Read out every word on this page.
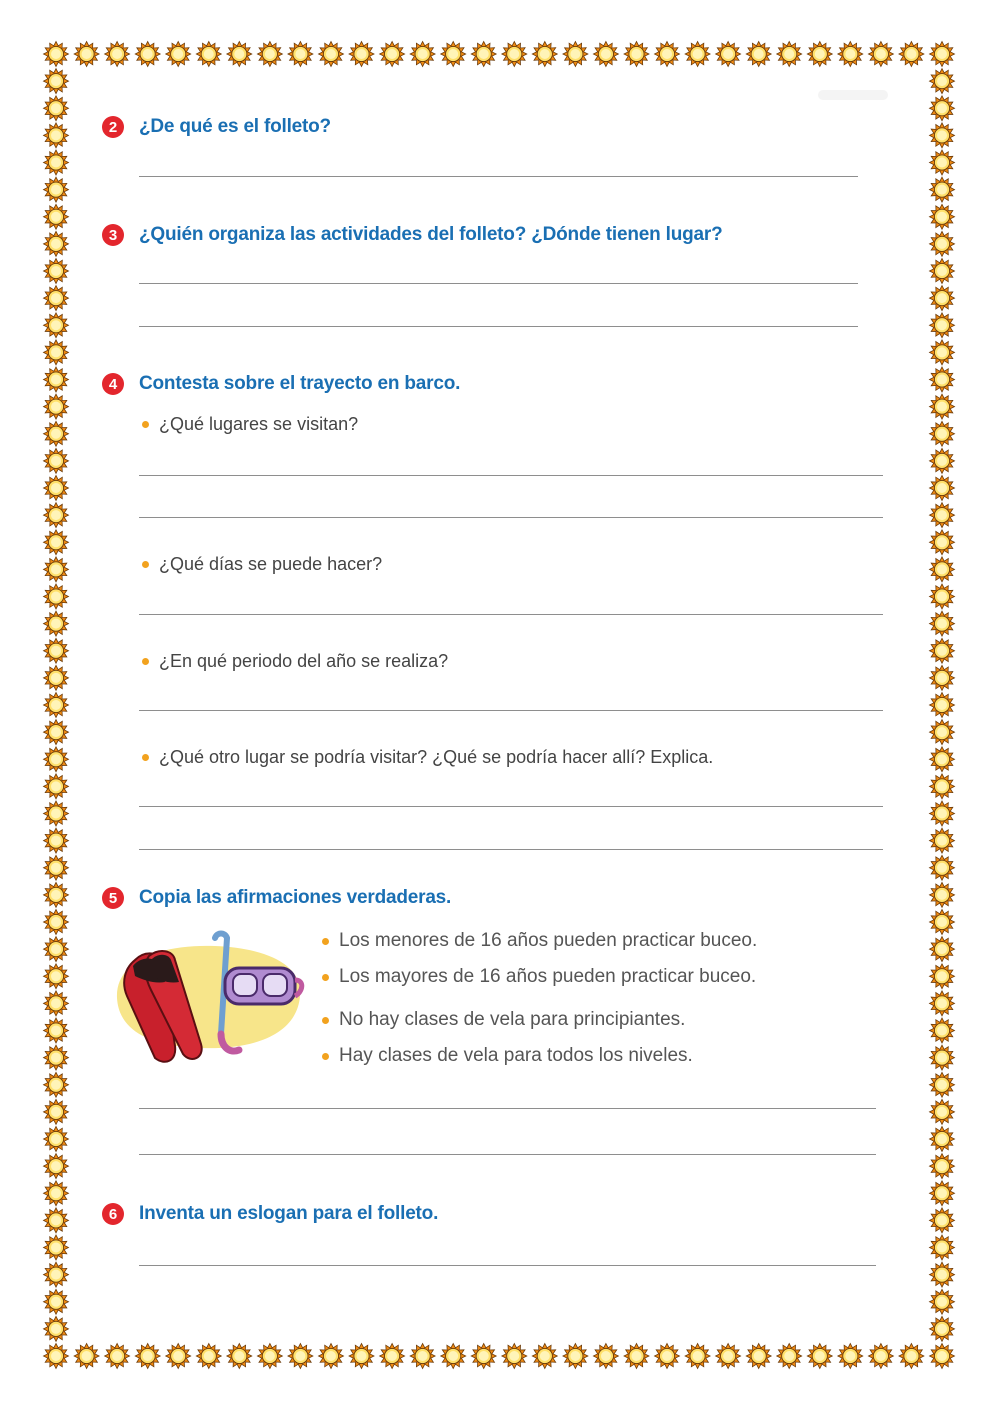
2	¿De qué es el folleto?
3	¿Quién organiza las actividades del folleto? ¿Dónde tienen lugar?
4	Contesta sobre el trayecto en barco.
¿Qué lugares se visitan?
¿Qué días se puede hacer?
¿En qué periodo del año se realiza?
¿Qué otro lugar se podría visitar? ¿Qué se podría hacer allí? Explica.
5	Copia las afirmaciones verdaderas.
Los menores de 16 años pueden practicar buceo.
Los mayores de 16 años pueden practicar buceo.
No hay clases de vela para principiantes.
Hay clases de vela para todos los niveles.
6	Inventa un eslogan para el folleto.
